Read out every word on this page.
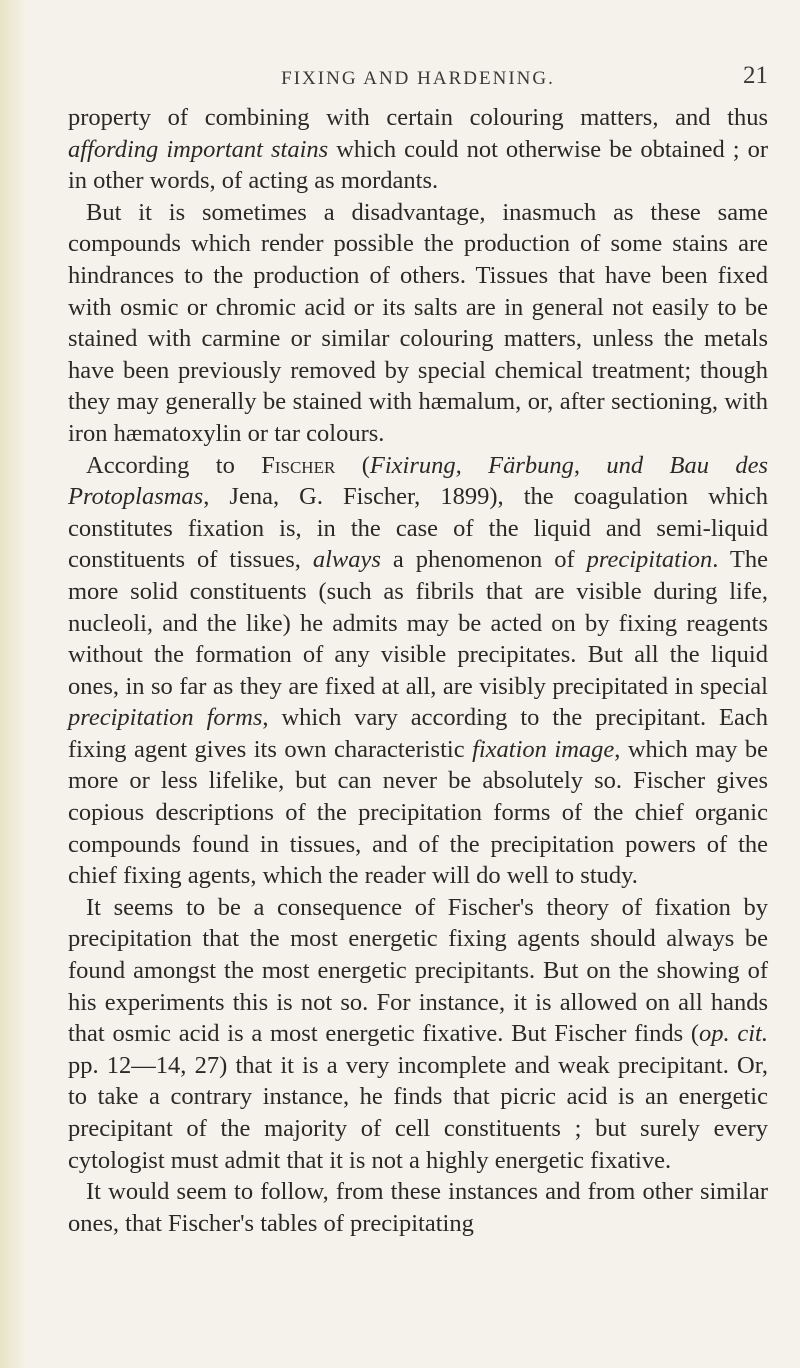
FIXING AND HARDENING.	21

property of combining with certain colouring matters, and thus affording important stains which could not otherwise be obtained ; or in other words, of acting as mordants.

But it is sometimes a disadvantage, inasmuch as these same compounds which render possible the production of some stains are hindrances to the production of others. Tissues that have been fixed with osmic or chromic acid or its salts are in general not easily to be stained with carmine or similar colouring matters, unless the metals have been previously removed by special chemical treatment; though they may generally be stained with hæmalum, or, after sectioning, with iron hæmatoxylin or tar colours.

According to Fischer (Fixirung, Färbung, und Bau des Protoplasmas, Jena, G. Fischer, 1899), the coagulation which constitutes fixation is, in the case of the liquid and semi-liquid constituents of tissues, always a phenomenon of precipitation. The more solid constituents (such as fibrils that are visible during life, nucleoli, and the like) he admits may be acted on by fixing reagents without the formation of any visible precipitates. But all the liquid ones, in so far as they are fixed at all, are visibly precipitated in special precipitation forms, which vary according to the precipitant. Each fixing agent gives its own characteristic fixation image, which may be more or less lifelike, but can never be absolutely so. Fischer gives copious descriptions of the precipitation forms of the chief organic compounds found in tissues, and of the precipitation powers of the chief fixing agents, which the reader will do well to study.

It seems to be a consequence of Fischer's theory of fixation by precipitation that the most energetic fixing agents should always be found amongst the most energetic precipitants. But on the showing of his experiments this is not so. For instance, it is allowed on all hands that osmic acid is a most energetic fixative. But Fischer finds (op. cit. pp. 12—14, 27) that it is a very incomplete and weak precipitant. Or, to take a contrary instance, he finds that picric acid is an energetic precipitant of the majority of cell constituents ; but surely every cytologist must admit that it is not a highly energetic fixative.

It would seem to follow, from these instances and from other similar ones, that Fischer's tables of precipitating
